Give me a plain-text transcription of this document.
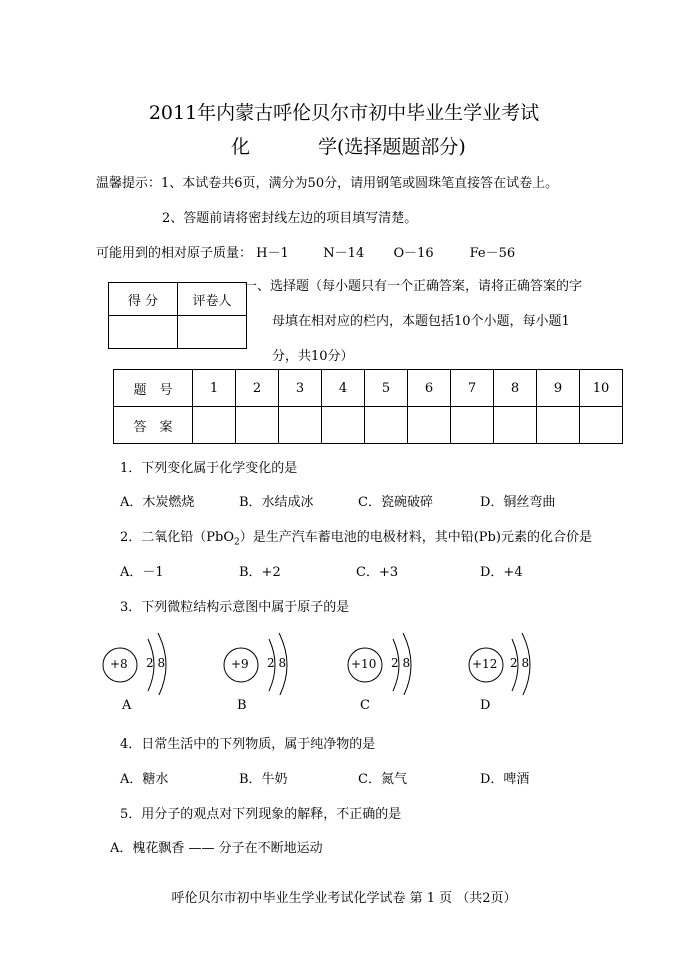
2011年内蒙古呼伦贝尔市初中毕业生学业考试
化	学(选择题题部分)
温馨提示：1、本试卷共6页，满分为50分，请用钢笔或圆珠笔直接答在试卷上。
2、答题前请将密封线左边的项目填写清楚。
可能用到的相对原子质量： H－1	N－14 O－16	Fe－56
得 分	评卷人

一、选择题（每小题只有一个正确答案，请将正确答案的字
母填在相对应的栏内，本题包括10个小题，每小题1
分，共10分）
题　号	1	2	3	4	5	6	7	8	9	10
答　案										
1．下列变化属于化学变化的是
A．木炭燃烧	B．水结成冰	C．瓷碗破碎	D．铜丝弯曲
2．二氧化铅（PbO$_2$）是生产汽车蓄电池的电极材料，其中铅(Pb)元素的化合价是
A．－1	B．+2	C．+3	D．+4
3．下列微粒结构示意图中属于原子的是
+8 2 8
A
+9 2 8
B
+10 2 8
C
+12 2 8
D
4．日常生活中的下列物质，属于纯净物的是
A．糖水	B．牛奶	C．氮气	D．啤酒
5．用分子的观点对下列现象的解释，不正确的是
A．槐花飘香 —— 分子在不断地运动
呼伦贝尔市初中毕业生学业考试化学试卷 第 1 页 （共2页）
